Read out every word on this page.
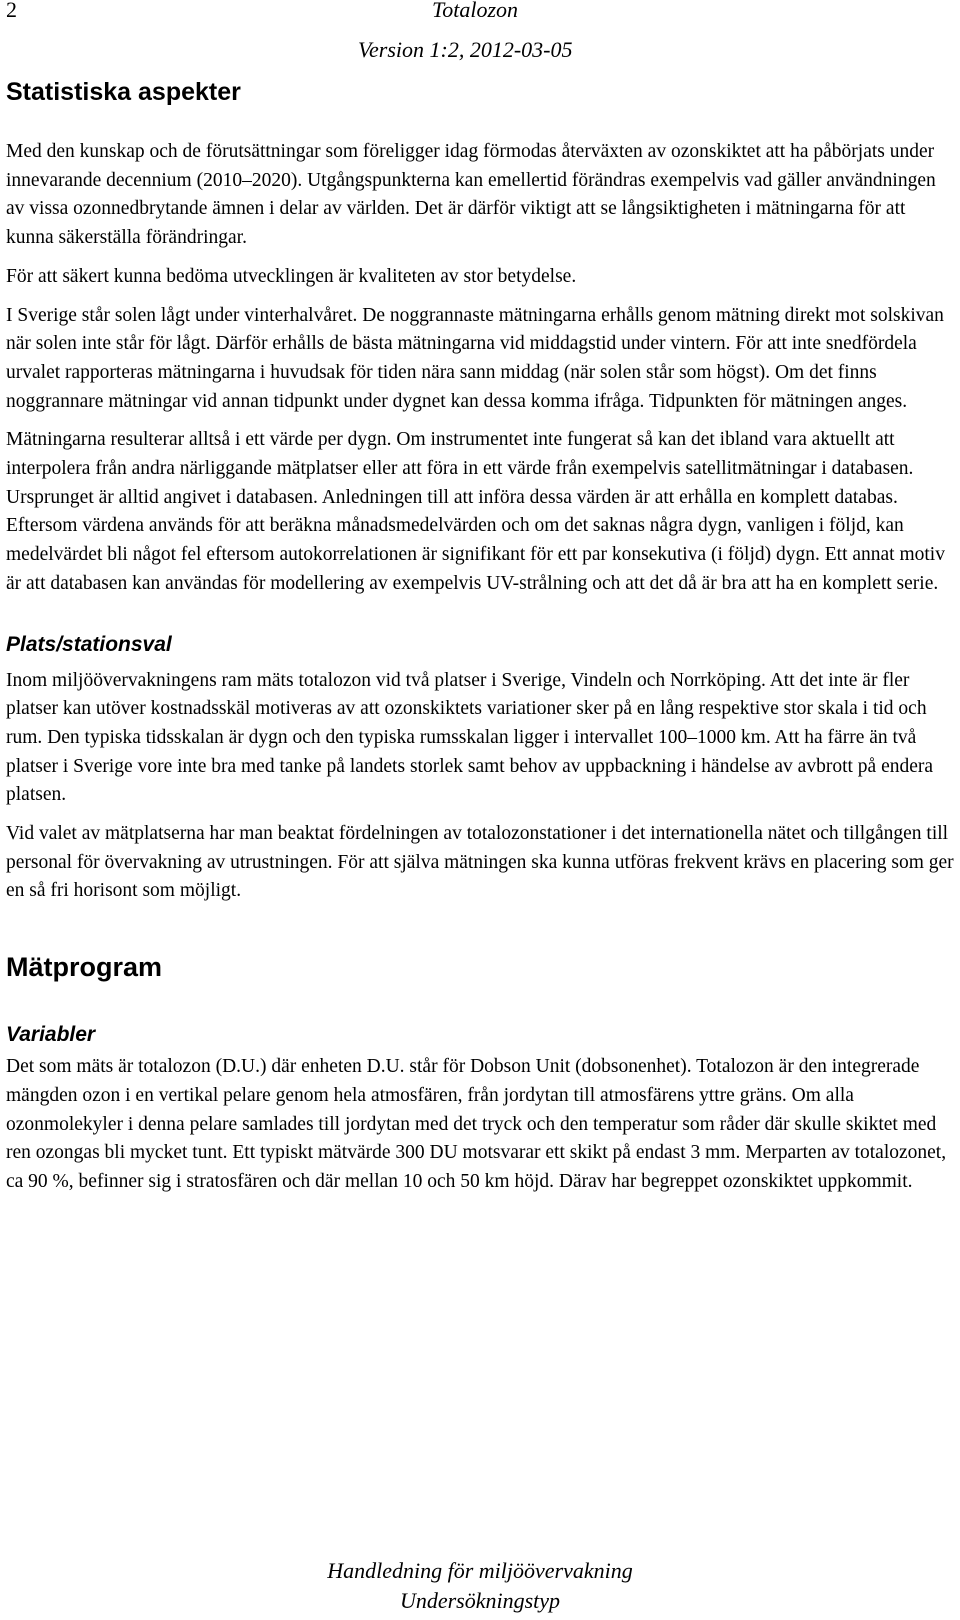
2	Totalozon
Version 1:2, 2012-03-05
Statistiska aspekter

Med den kunskap och de förutsättningar som föreligger idag förmodas återväxten av ozonskiktet att ha påbörjats under innevarande decennium (2010–2020). Utgångspunkterna kan emellertid förändras exempelvis vad gäller användningen av vissa ozonnedbrytande ämnen i delar av världen. Det är därför viktigt att se långsiktigheten i mätningarna för att kunna säkerställa förändringar.

För att säkert kunna bedöma utvecklingen är kvaliteten av stor betydelse.

I Sverige står solen lågt under vinterhalvåret. De noggrannaste mätningarna erhålls genom mätning direkt mot solskivan när solen inte står för lågt. Därför erhålls de bästa mätningarna vid middagstid under vintern. För att inte snedfördela urvalet rapporteras mätningarna i huvudsak för tiden nära sann middag (när solen står som högst). Om det finns noggrannare mätningar vid annan tidpunkt under dygnet kan dessa komma ifråga. Tidpunkten för mätningen anges.

Mätningarna resulterar alltså i ett värde per dygn. Om instrumentet inte fungerat så kan det ibland vara aktuellt att interpolera från andra närliggande mätplatser eller att föra in ett värde från exempelvis satellitmätningar i databasen. Ursprunget är alltid angivet i databasen. Anledningen till att införa dessa värden är att erhålla en komplett databas. Eftersom värdena används för att beräkna månadsmedelvärden och om det saknas några dygn, vanligen i följd, kan medelvärdet bli något fel eftersom autokorrelationen är signifikant för ett par konsekutiva (i följd) dygn. Ett annat motiv är att databasen kan användas för modellering av exempelvis UV-strålning och att det då är bra att ha en komplett serie.

Plats/stationsval

Inom miljöövervakningens ram mäts totalozon vid två platser i Sverige, Vindeln och Norrköping. Att det inte är fler platser kan utöver kostnadsskäl motiveras av att ozonskiktets variationer sker på en lång respektive stor skala i tid och rum. Den typiska tidsskalan är dygn och den typiska rumsskalan ligger i intervallet 100–1000 km. Att ha färre än två platser i Sverige vore inte bra med tanke på landets storlek samt behov av uppbackning i händelse av avbrott på endera platsen.

Vid valet av mätplatserna har man beaktat fördelningen av totalozonstationer i det internationella nätet och tillgången till personal för övervakning av utrustningen. För att själva mätningen ska kunna utföras frekvent krävs en placering som ger en så fri horisont som möjligt.

Mätprogram
Variabler

Det som mäts är totalozon (D.U.) där enheten D.U. står för Dobson Unit (dobsonenhet). Totalozon är den integrerade mängden ozon i en vertikal pelare genom hela atmosfären, från jordytan till atmosfärens yttre gräns. Om alla ozonmolekyler i denna pelare samlades till jordytan med det tryck och den temperatur som råder där skulle skiktet med ren ozongas bli mycket tunt. Ett typiskt mätvärde 300 DU motsvarar ett skikt på endast 3 mm. Merparten av totalozonet, ca 90 %, befinner sig i stratosfären och där mellan 10 och 50 km höjd. Därav har begreppet ozonskiktet uppkommit.

Handledning för miljöövervakning
Undersökningstyp
